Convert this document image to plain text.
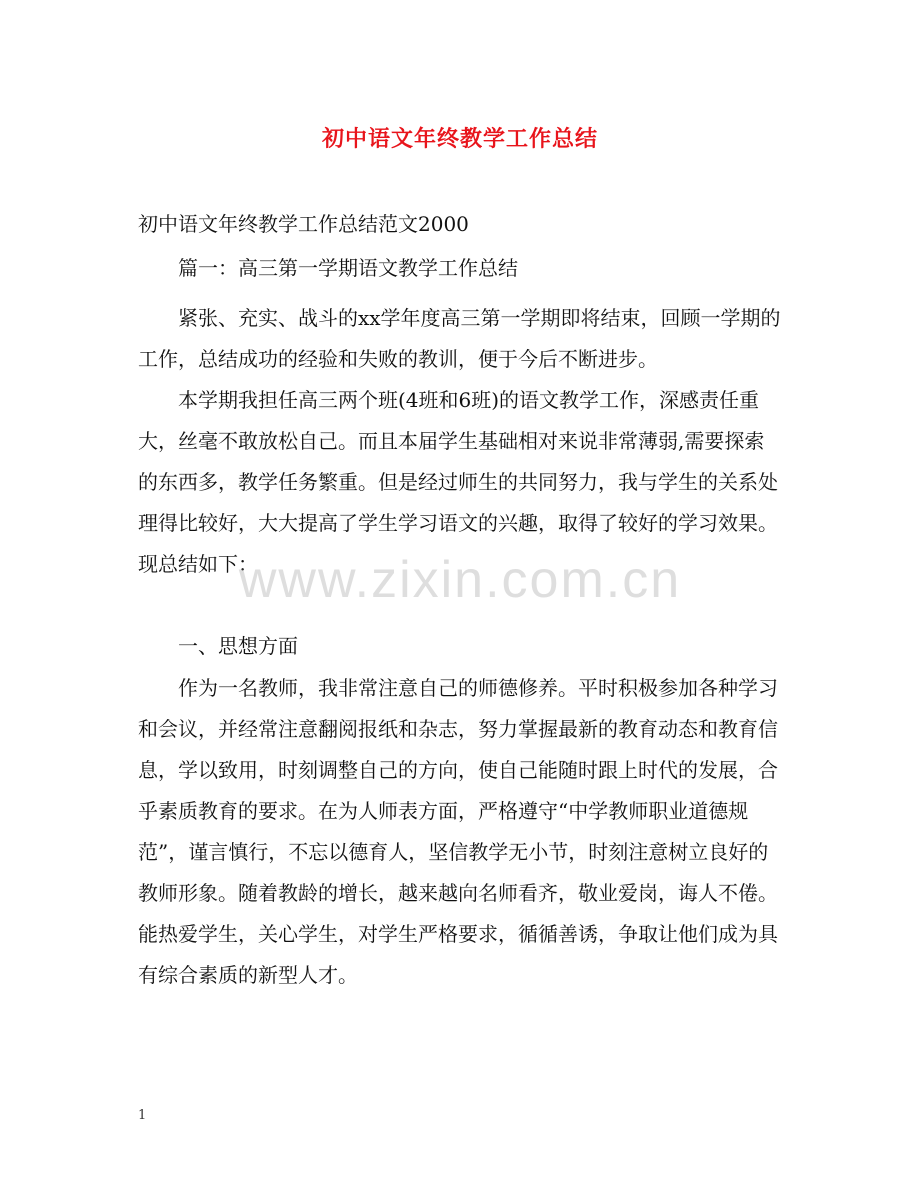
初中语文年终教学工作总结
初中语文年终教学工作总结范文2000

篇一：高三第一学期语文教学工作总结

紧张、充实、战斗的xx学年度高三第一学期即将结束，回顾一学期的工作，总结成功的经验和失败的教训，便于今后不断进步。

本学期我担任高三两个班(4班和6班)的语文教学工作，深感责任重大，丝毫不敢放松自己。而且本届学生基础相对来说非常薄弱,需要探索的东西多，教学任务繁重。但是经过师生的共同努力，我与学生的关系处理得比较好，大大提高了学生学习语文的兴趣，取得了较好的学习效果。现总结如下：

www.zixin.com.cn

一、思想方面

作为一名教师，我非常注意自己的师德修养。平时积极参加各种学习和会议，并经常注意翻阅报纸和杂志，努力掌握最新的教育动态和教育信息，学以致用，时刻调整自己的方向，使自己能随时跟上时代的发展，合乎素质教育的要求。在为人师表方面，严格遵守“中学教师职业道德规范”，谨言慎行，不忘以德育人，坚信教学无小节，时刻注意树立良好的教师形象。随着教龄的增长，越来越向名师看齐，敬业爱岗，诲人不倦。能热爱学生，关心学生，对学生严格要求，循循善诱，争取让他们成为具有综合素质的新型人才。

1
